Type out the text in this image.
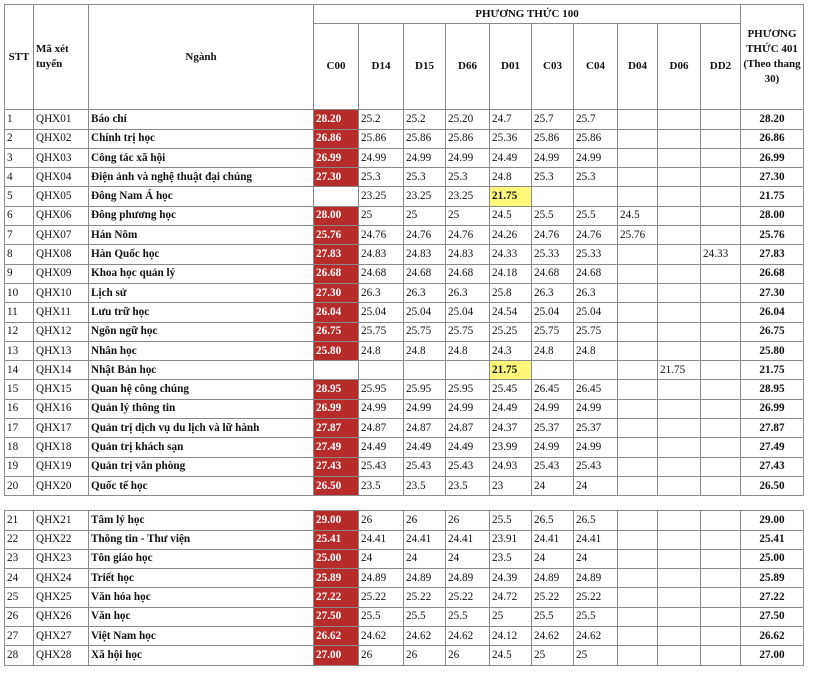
STT	Mã xét tuyển	Ngành	PHƯƠNG THỨC 100										PHƯƠNG THỨC 401 (Theo thang 30)
			C00	D14	D15	D66	D01	C03	C04	D04	D06	DD2	
1	QHX01	Báo chí	28.20	25.2	25.2	25.20	24.7	25.7	25.7				28.20
2	QHX02	Chính trị học	26.86	25.86	25.86	25.86	25.36	25.86	25.86				26.86
3	QHX03	Công tác xã hội	26.99	24.99	24.99	24.99	24.49	24.99	24.99				26.99
4	QHX04	Điện ảnh và nghệ thuật đại chúng	27.30	25.3	25.3	25.3	24.8	25.3	25.3				27.30
5	QHX05	Đông Nam Á học		23.25	23.25	23.25	21.75						21.75
6	QHX06	Đông phương học	28.00	25	25	25	24.5	25.5	25.5	24.5			28.00
7	QHX07	Hán Nôm	25.76	24.76	24.76	24.76	24.26	24.76	24.76	25.76			25.76
8	QHX08	Hàn Quốc học	27.83	24.83	24.83	24.83	24.33	25.33	25.33			24.33	27.83
9	QHX09	Khoa học quản lý	26.68	24.68	24.68	24.68	24.18	24.68	24.68				26.68
10	QHX10	Lịch sử	27.30	26.3	26.3	26.3	25.8	26.3	26.3				27.30
11	QHX11	Lưu trữ học	26.04	25.04	25.04	25.04	24.54	25.04	25.04				26.04
12	QHX12	Ngôn ngữ học	26.75	25.75	25.75	25.75	25.25	25.75	25.75				26.75
13	QHX13	Nhân học	25.80	24.8	24.8	24.8	24.3	24.8	24.8				25.80
14	QHX14	Nhật Bản học					21.75				21.75		21.75
15	QHX15	Quan hệ công chúng	28.95	25.95	25.95	25.95	25.45	26.45	26.45				28.95
16	QHX16	Quản lý thông tin	26.99	24.99	24.99	24.99	24.49	24.99	24.99				26.99
17	QHX17	Quản trị dịch vụ du lịch và lữ hành	27.87	24.87	24.87	24.87	24.37	25.37	25.37				27.87
18	QHX18	Quản trị khách sạn	27.49	24.49	24.49	24.49	23.99	24.99	24.99				27.49
19	QHX19	Quản trị văn phòng	27.43	25.43	25.43	25.43	24.93	25.43	25.43				27.43
20	QHX20	Quốc tế học	26.50	23.5	23.5	23.5	23	24	24				26.50

21	QHX21	Tâm lý học	29.00	26	26	26	25.5	26.5	26.5				29.00
22	QHX22	Thông tin - Thư viện	25.41	24.41	24.41	24.41	23.91	24.41	24.41				25.41
23	QHX23	Tôn giáo học	25.00	24	24	24	23.5	24	24				25.00
24	QHX24	Triết học	25.89	24.89	24.89	24.89	24.39	24.89	24.89				25.89
25	QHX25	Văn hóa học	27.22	25.22	25.22	25.22	24.72	25.22	25.22				27.22
26	QHX26	Văn học	27.50	25.5	25.5	25.5	25	25.5	25.5				27.50
27	QHX27	Việt Nam học	26.62	24.62	24.62	24.62	24.12	24.62	24.62				26.62
28	QHX28	Xã hội học	27.00	26	26	26	24.5	25	25				27.00
